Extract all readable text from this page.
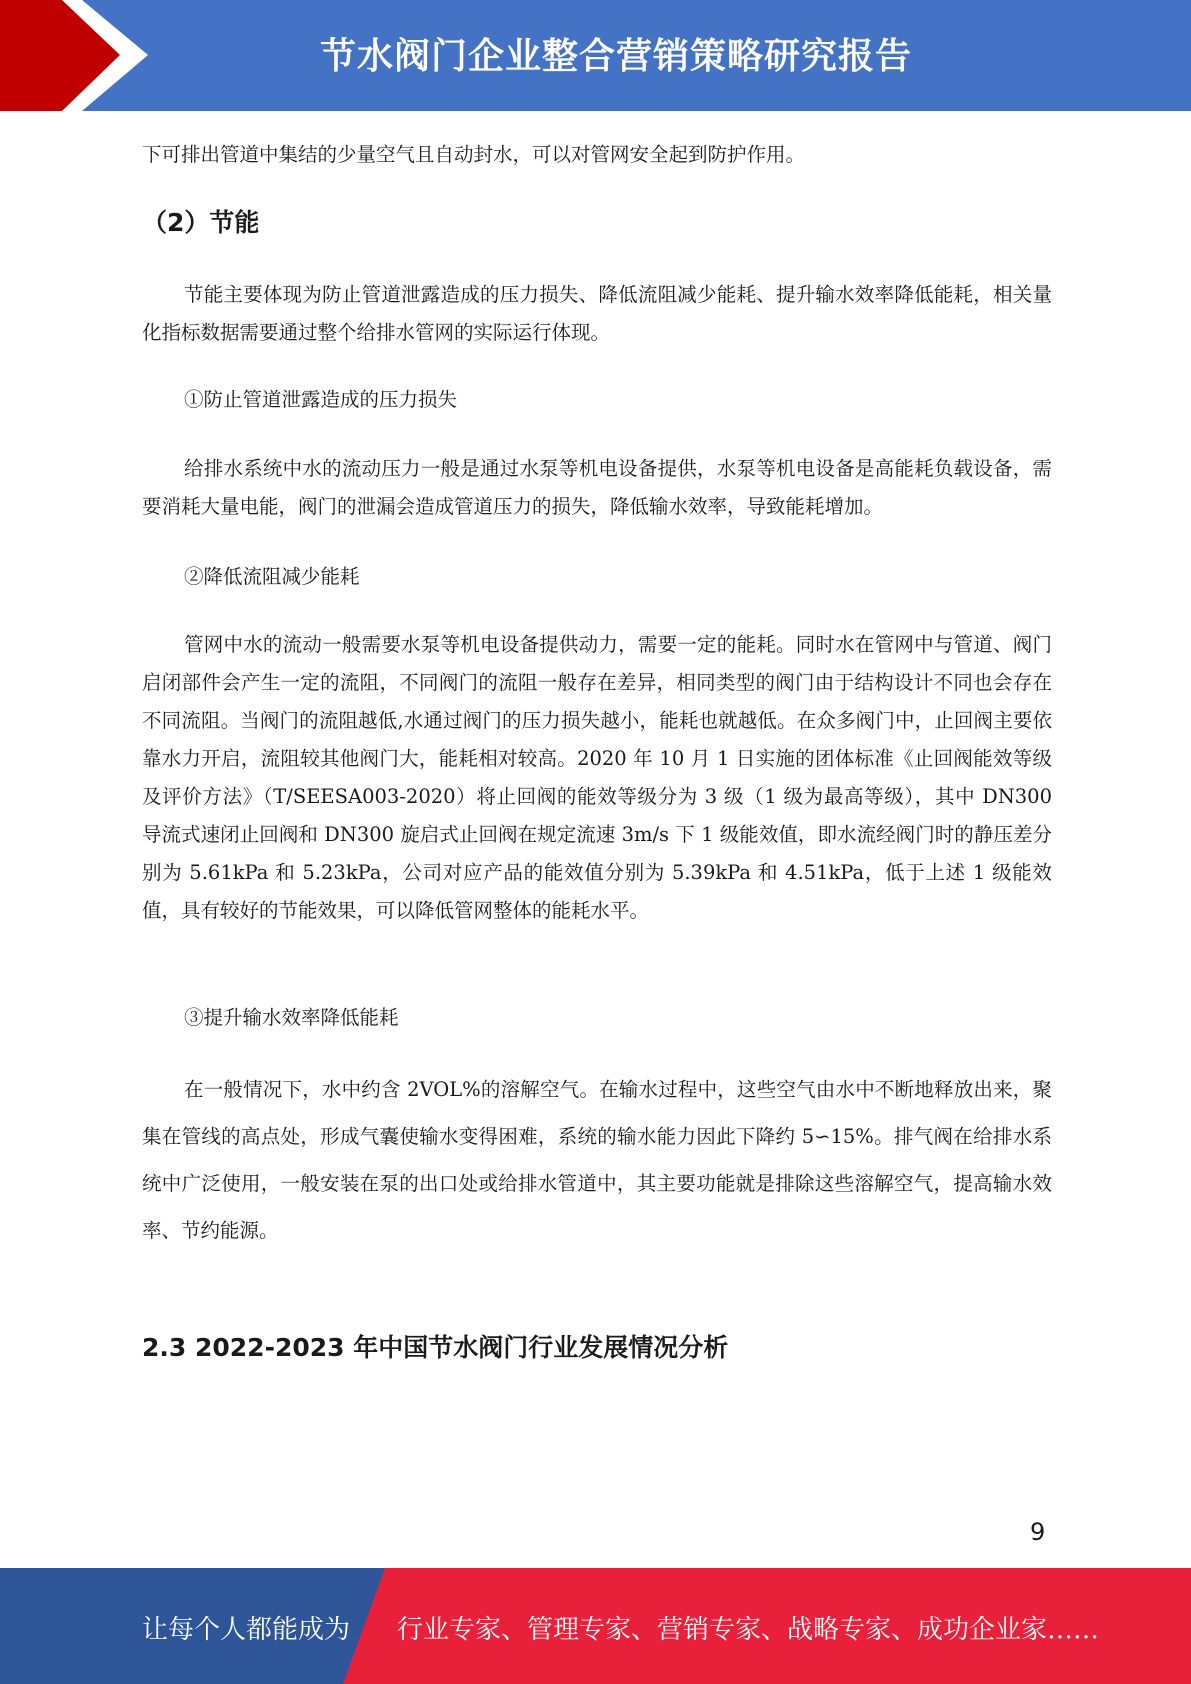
节水阀门企业整合营销策略研究报告
下可排出管道中集结的少量空气且自动封水，可以对管网安全起到防护作用。
（2）节能
节能主要体现为防止管道泄露造成的压力损失、降低流阻减少能耗、提升输水效率降低能耗，相关量化指标数据需要通过整个给排水管网的实际运行体现。
①防止管道泄露造成的压力损失
给排水系统中水的流动压力一般是通过水泵等机电设备提供，水泵等机电设备是高能耗负载设备，需要消耗大量电能，阀门的泄漏会造成管道压力的损失，降低输水效率，导致能耗增加。
②降低流阻减少能耗
管网中水的流动一般需要水泵等机电设备提供动力，需要一定的能耗。同时水在管网中与管道、阀门启闭部件会产生一定的流阻，不同阀门的流阻一般存在差异，相同类型的阀门由于结构设计不同也会存在不同流阻。当阀门的流阻越低,水通过阀门的压力损失越小，能耗也就越低。在众多阀门中，止回阀主要依靠水力开启，流阻较其他阀门大，能耗相对较高。2020 年 10 月 1 日实施的团体标准《止回阀能效等级及评价方法》（T/SEESA003-2020）将止回阀的能效等级分为 3 级（1 级为最高等级），其中 DN300 导流式速闭止回阀和 DN300 旋启式止回阀在规定流速 3m/s 下 1 级能效值，即水流经阀门时的静压差分别为 5.61kPa 和 5.23kPa，公司对应产品的能效值分别为 5.39kPa 和 4.51kPa，低于上述 1 级能效值，具有较好的节能效果，可以降低管网整体的能耗水平。
③提升输水效率降低能耗
在一般情况下，水中约含 2VOL%的溶解空气。在输水过程中，这些空气由水中不断地释放出来，聚集在管线的高点处，形成气囊使输水变得困难，系统的输水能力因此下降约 5∽15%。排气阀在给排水系统中广泛使用，一般安装在泵的出口处或给排水管道中，其主要功能就是排除这些溶解空气，提高输水效率、节约能源。
2.3 2022-2023 年中国节水阀门行业发展情况分析
9
让每个人都能成为 行业专家、管理专家、营销专家、战略专家、成功企业家……
